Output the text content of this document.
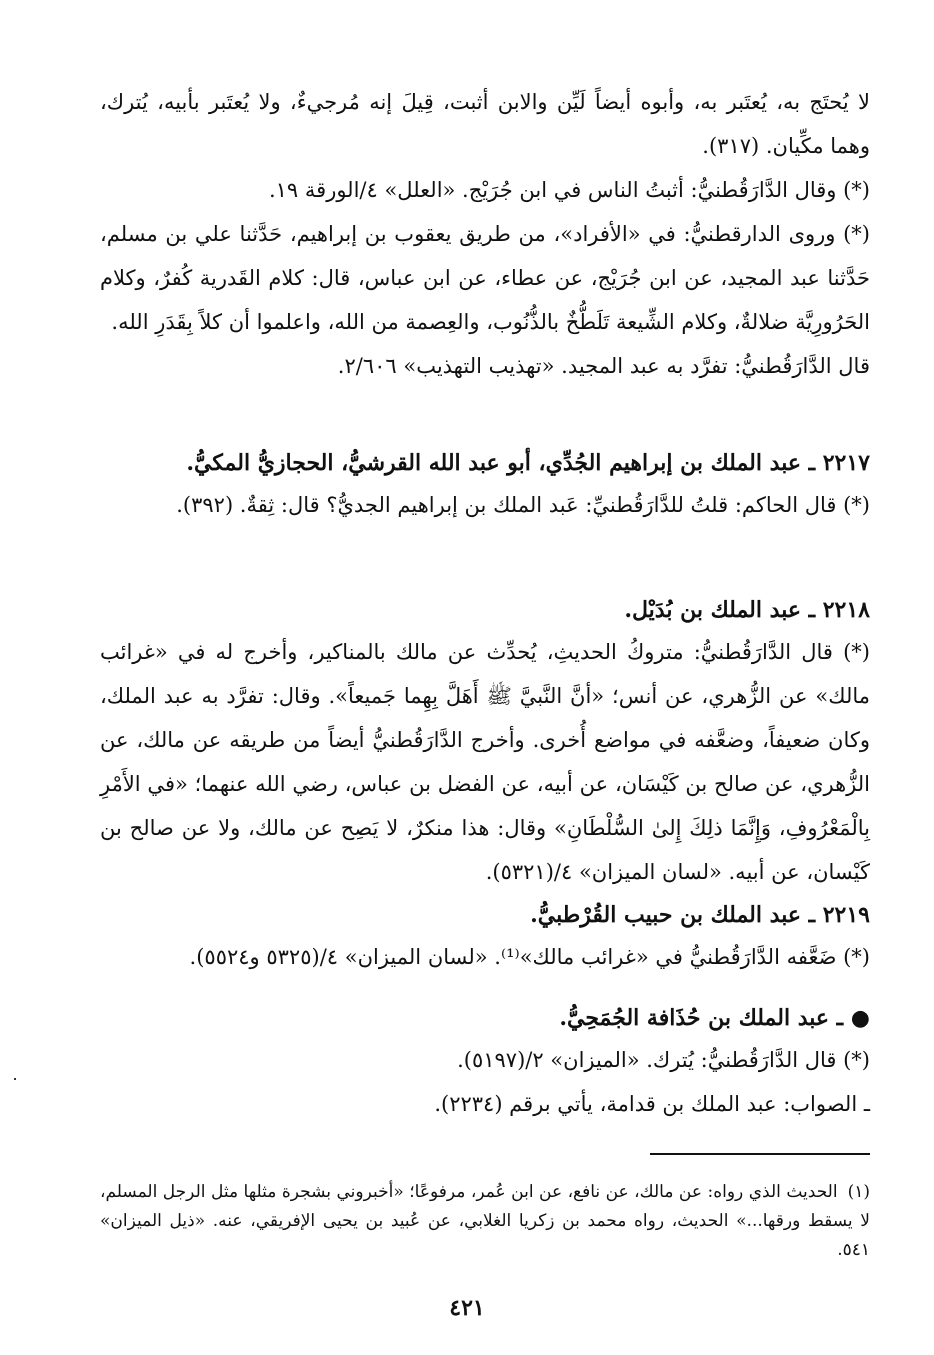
لا يُحتَج به، يُعتَبر به، وأبوه أيضاً لَيِّن والابن أثبت، قِيلَ إنه مُرجيءٌ، ولا يُعتَبر بأبيه، يُترك، وهما مكِّيان. (٣١٧).

(*) وقال الدَّارَقُطنيُّ: أثبتُ الناس في ابن جُرَيْج. «العلل» ٤/الورقة ١٩.

(*) وروى الدارقطنيُّ: في «الأفراد»، من طريق يعقوب بن إبراهيم، حَدَّثنا علي بن مسلم، حَدَّثنا عبد المجيد، عن ابن جُرَيْج، عن عطاء، عن ابن عباس، قال: كلام القَدرية كُفرٌ، وكلام الحَرُورِيَّة ضلالةٌ، وكلام الشِّيعة تَلَطُّخٌ بالذُّنُوب، والعِصمة من الله، واعلموا أن كلاً بِقَدَرِ الله.

قال الدَّارَقُطنيُّ: تفرَّد به عبد المجيد. «تهذيب التهذيب» ٢/٦٠٦.

٢٢١٧ ـ عبد الملك بن إبراهيم الجُدِّي، أبو عبد الله القرشيُّ، الحجازيُّ المكيُّ.

(*) قال الحاكم: قلتُ للدَّارَقُطنيِّ: عَبد الملك بن إبراهيم الجديُّ؟ قال: ثِقةٌ. (٣٩٢).

٢٢١٨ ـ عبد الملك بن بُدَيْل.

(*) قال الدَّارَقُطنيُّ: متروكُ الحديثِ، يُحدِّث عن مالك بالمناكير، وأخرج له في «غرائب مالك» عن الزُّهري، عن أنس؛ «أنَّ النَّبيَّ ﷺ أَهَلَّ بِهِما جَميعاً». وقال: تفرَّد به عبد الملك، وكان ضعيفاً، وضعَّفه في مواضع أُخرى. وأخرج الدَّارَقُطنيُّ أيضاً من طريقه عن مالك، عن الزُّهري، عن صالح بن كَيْسَان، عن أبيه، عن الفضل بن عباس، رضي الله عنهما؛ «في الأَمْرِ بِالْمَعْرُوفِ، وَإِنَّمَا ذلِكَ إِلىٰ السُّلْطَانِ» وقال: هذا منكرٌ، لا يَصِح عن مالك، ولا عن صالح بن كَيْسان، عن أبيه. «لسان الميزان» ٤/(٥٣٢١).

٢٢١٩ ـ عبد الملك بن حبيب القُرْطبيُّ.

(*) ضَعَّفه الدَّارَقُطنيُّ في «غرائب مالك»⁽¹⁾. «لسان الميزان» ٤/(٥٣٢٥ و٥٥٢٤).

● ـ عبد الملك بن حُذَافة الجُمَحِيُّ.

(*) قال الدَّارَقُطنيُّ: يُترك. «الميزان» ٢/(٥١٩٧).

ـ الصواب: عبد الملك بن قدامة، يأتي برقم (٢٢٣٤).

(١)الحديث الذي رواه: عن مالك، عن نافع، عن ابن عُمر، مرفوعًا؛ «أخبروني بشجرة مثلها مثل الرجل المسلم، لا يسقط ورقها...» الحديث، رواه محمد بن زكريا الغلابي، عن عُبيد بن يحيى الإفريقي، عنه. «ذيل الميزان» ٥٤١.
٤٢١
